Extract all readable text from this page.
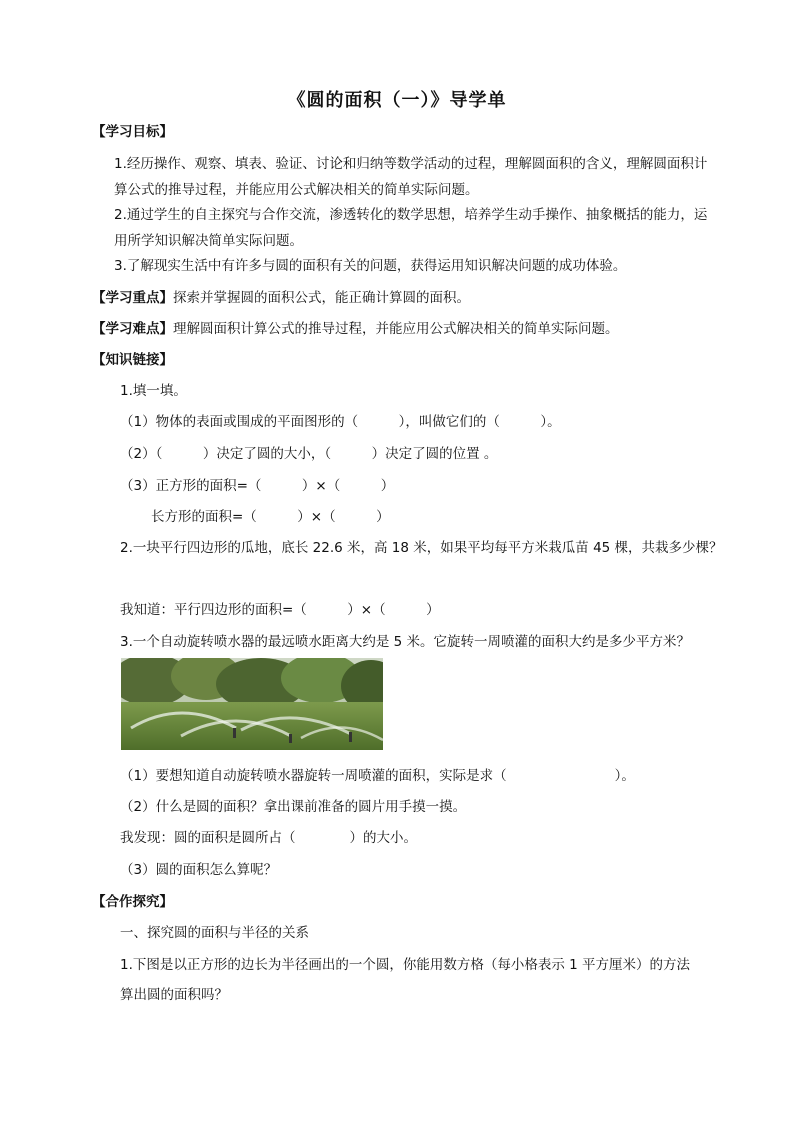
《圆的面积（一）》导学单
【学习目标】
1.经历操作、观察、填表、验证、讨论和归纳等数学活动的过程，理解圆面积的含义，理解圆面积计
算公式的推导过程，并能应用公式解决相关的简单实际问题。
2.通过学生的自主探究与合作交流，渗透转化的数学思想，培养学生动手操作、抽象概括的能力，运
用所学知识解决简单实际问题。
3.了解现实生活中有许多与圆的面积有关的问题，获得运用知识解决问题的成功体验。
【学习重点】探索并掌握圆的面积公式，能正确计算圆的面积。
【学习难点】理解圆面积计算公式的推导过程，并能应用公式解决相关的简单实际问题。
【知识链接】
1.填一填。
（1）物体的表面或围成的平面图形的（　　　），叫做它们的（　　　）。
（2）（　　　）决定了圆的大小，（　　　）决定了圆的位置 。
（3）正方形的面积=（　　　）×（　　　）
长方形的面积=（　　　）×（　　　）
2.一块平行四边形的瓜地，底长 22.6 米，高 18 米，如果平均每平方米栽瓜苗 45 棵，共栽多少棵？
我知道：平行四边形的面积=（　　　）×（　　　）
3.一个自动旋转喷水器的最远喷水距离大约是 5 米。它旋转一周喷灌的面积大约是多少平方米？
（1）要想知道自动旋转喷水器旋转一周喷灌的面积，实际是求（　　　　　　　　）。
（2）什么是圆的面积？拿出课前准备的圆片用手摸一摸。
我发现：圆的面积是圆所占（　　　　）的大小。
（3）圆的面积怎么算呢？
【合作探究】
一、探究圆的面积与半径的关系
1.下图是以正方形的边长为半径画出的一个圆，你能用数方格（每小格表示 1 平方厘米）的方法
算出圆的面积吗？
